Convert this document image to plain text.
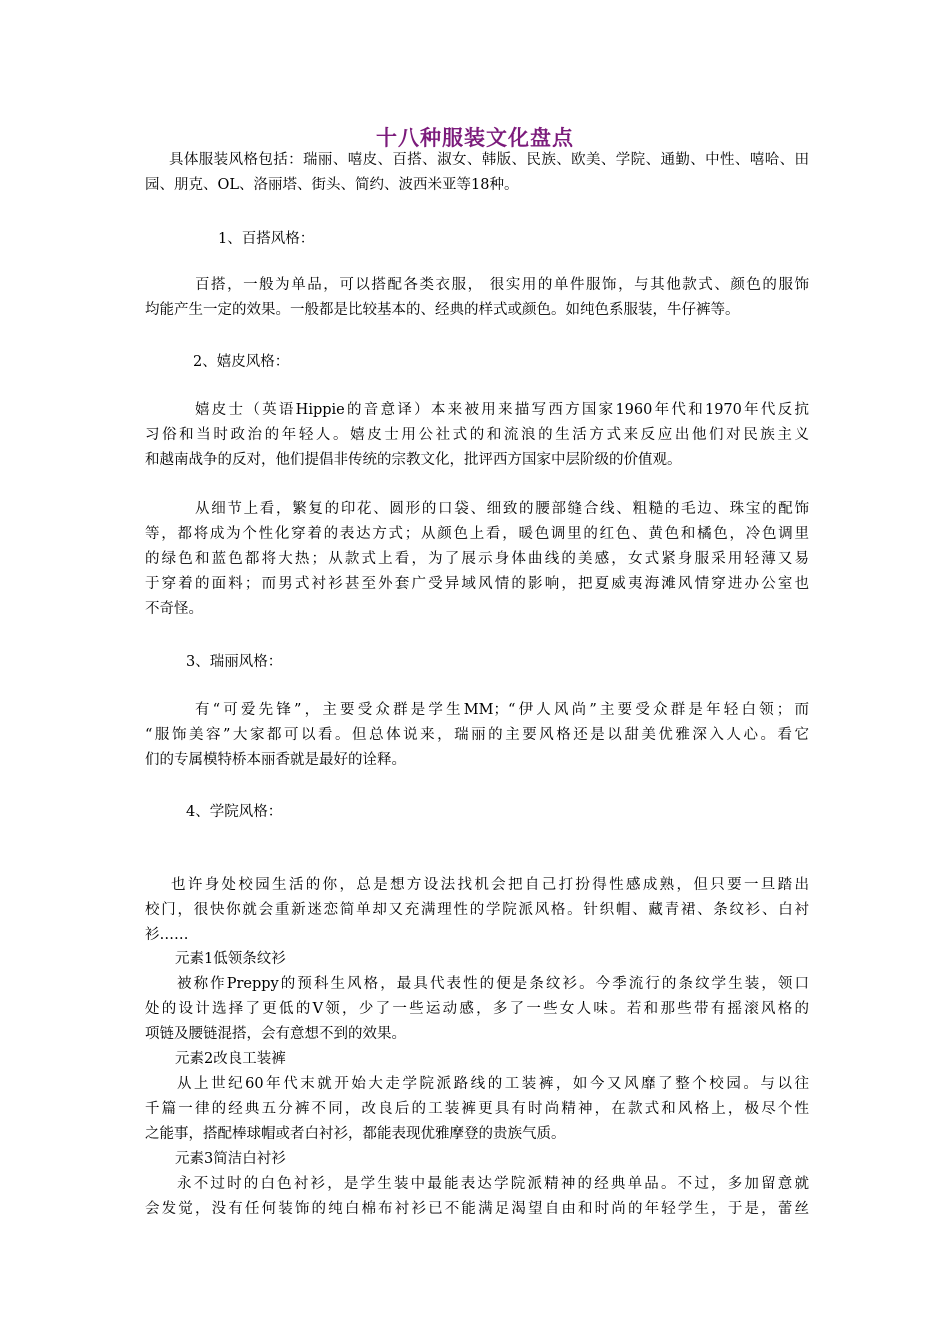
十八种服装文化盘点
具体服装风格包括：瑞丽、嘻皮、百搭、淑女、韩版、民族、欧美、学院、通勤、中性、嘻哈、田
园、朋克、OL、洛丽塔、街头、简约、波西米亚等18种。
1、百搭风格：
百搭，一般为单品，可以搭配各类衣服， 很实用的单件服饰，与其他款式、颜色的服饰
均能产生一定的效果。一般都是比较基本的、经典的样式或颜色。如纯色系服装，牛仔裤等。
2、嬉皮风格：
嬉皮士（英语Hippie的音意译）本来被用来描写西方国家1960年代和1970年代反抗
习俗和当时政治的年轻人。嬉皮士用公社式的和流浪的生活方式来反应出他们对民族主义
和越南战争的反对，他们提倡非传统的宗教文化，批评西方国家中层阶级的价值观。
从细节上看，繁复的印花、圆形的口袋、细致的腰部缝合线、粗糙的毛边、珠宝的配饰
等，都将成为个性化穿着的表达方式；从颜色上看，暖色调里的红色、黄色和橘色，冷色调里
的绿色和蓝色都将大热；从款式上看，为了展示身体曲线的美感，女式紧身服采用轻薄又易
于穿着的面料；而男式衬衫甚至外套广受异域风情的影响，把夏威夷海滩风情穿进办公室也
不奇怪。
3、瑞丽风格：
有“可爱先锋”，主要受众群是学生MM；“伊人风尚”主要受众群是年轻白领；而
“服饰美容”大家都可以看。但总体说来，瑞丽的主要风格还是以甜美优雅深入人心。看它
们的专属模特桥本丽香就是最好的诠释。
4、学院风格：
也许身处校园生活的你，总是想方设法找机会把自己打扮得性感成熟，但只要一旦踏出
校门，很快你就会重新迷恋简单却又充满理性的学院派风格。针织帽、藏青裙、条纹衫、白衬
衫……
元素1低领条纹衫
被称作Preppy的预科生风格，最具代表性的便是条纹衫。今季流行的条纹学生装，领口
处的设计选择了更低的V领，少了一些运动感，多了一些女人味。若和那些带有摇滚风格的
项链及腰链混搭，会有意想不到的效果。
元素2改良工装裤
从上世纪60年代末就开始大走学院派路线的工装裤，如今又风靡了整个校园。与以往
千篇一律的经典五分裤不同，改良后的工装裤更具有时尚精神，在款式和风格上，极尽个性
之能事，搭配棒球帽或者白衬衫，都能表现优雅摩登的贵族气质。
元素3简洁白衬衫
永不过时的白色衬衫，是学生装中最能表达学院派精神的经典单品。不过，多加留意就
会发觉，没有任何装饰的纯白棉布衬衫已不能满足渴望自由和时尚的年轻学生，于是，蕾丝
